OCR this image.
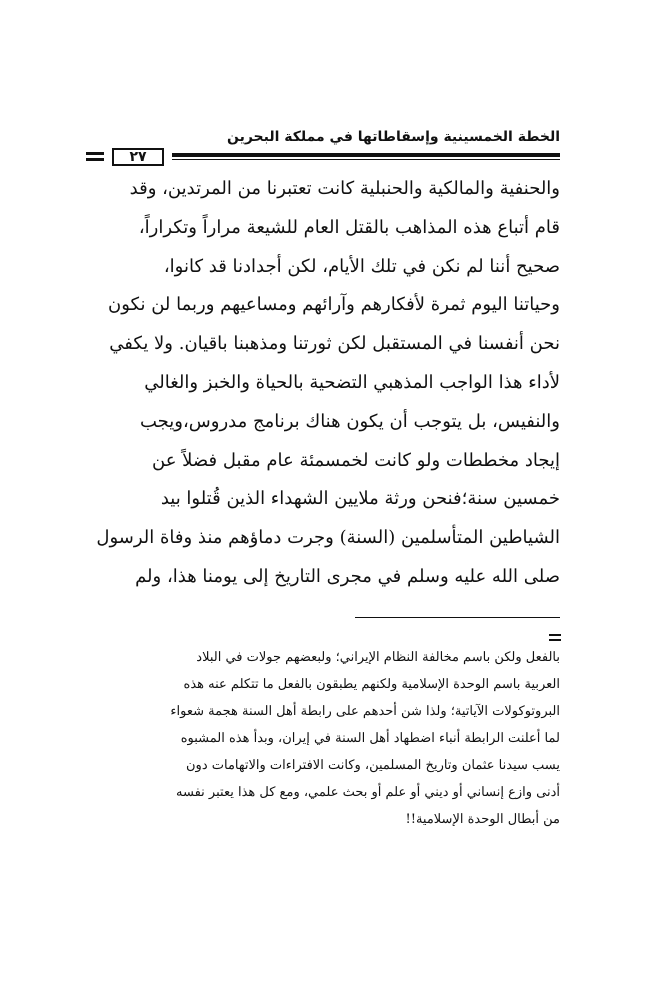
الخطة الخمسينية وإسقاطاتها في مملكة البحرين
٢٧
والحنفية والمالكية والحنبلية كانت تعتبرنا من المرتدين، وقد
قام أتباع هذه المذاهب بالقتل العام للشيعة مراراً وتكراراً،
صحيح أننا لم نكن في تلك الأيام، لكن أجدادنا قد كانوا،
وحياتنا اليوم ثمرة لأفكارهم وآرائهم ومساعيهم وربما لن نكون
نحن أنفسنا في المستقبل لكن ثورتنا ومذهبنا باقيان. ولا يكفي
لأداء هذا الواجب المذهبي التضحية بالحياة والخبز والغالي
والنفيس، بل يتوجب أن يكون هناك برنامج مدروس،ويجب
إيجاد مخططات ولو كانت لخمسمئة عام مقبل فضلاً عن
خمسين سنة؛فنحن ورثة ملايين الشهداء الذين قُتلوا بيد
الشياطين المتأسلمين (السنة) وجرت دماؤهم منذ وفاة الرسول
صلى الله عليه وسلم في مجرى التاريخ إلى يومنا هذا، ولم
بالفعل ولكن باسم مخالفة النظام الإيراني؛ ولبعضهم جولات في البلاد
العربية باسم الوحدة الإسلامية ولكنهم يطبقون بالفعل ما تتكلم عنه هذه
البروتوكولات الآياتية؛ ولذا شن أحدهم على رابطة أهل السنة هجمة شعواء
لما أعلنت الرابطة أنباء اضطهاد أهل السنة في إيران، وبدأ هذه المشبوه
يسب سيدنا عثمان وتاريخ المسلمين، وكانت الافتراءات والاتهامات دون
أدنى وازع إنساني أو ديني أو علم أو بحث علمي، ومع كل هذا يعتبر نفسه
من أبطال الوحدة الإسلامية!!
